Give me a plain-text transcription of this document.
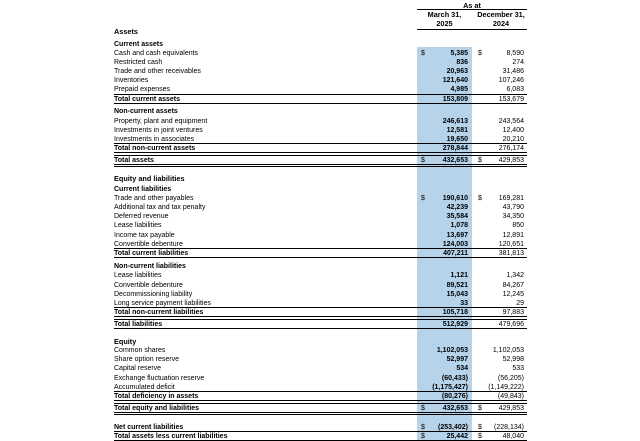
As at
March 31,
2025
December 31,
2024
Assets
Current assets
Cash and cash equivalents	$	5,385 $	8,590
Restricted cash	836	274
Trade and other receivables	20,963	31,486
Inventories	121,640	107,246
Prepaid expenses	4,985	6,083
Total current assets	153,809	153,679
Non-current assets
Property, plant and equipment	246,613	243,564
Investments in joint ventures	12,581	12,400
Investments in associates	19,650	20,210
Total non-current assets	278,844	276,174
Total assets	$	432,653 $ 429,853
Equity and liabilities
Current liabilities
Trade and other payables	$	190,610 $ 169,281
Additional tax and tax penalty	42,239	43,790
Deferred revenue	35,584	34,350
Lease liabilities	1,078	850
Income tax payable	13,697	12,891
Convertible debenture	124,003	120,651
Total current liabilities	407,211	381,813
Non-current liabilities
Lease liabilities	1,121	1,342
Convertible debenture	89,521	84,267
Decommissioning liability	15,043	12,245
Long service payment liabilities	33	29
Total non-current liabilities	105,718	97,883
Total liabilities	512,929	479,696
Equity
Common shares	1,102,053	1,102,053
Share option reserve	52,997	52,998
Capital reserve	534	533
Exchange fluctuation reserve	(60,433)	(56,205)
Accumulated deficit	(1,175,427)	(1,149,222)
Total deficiency in assets	(80,276)	(49,843)
Total equity and liabilities	$	432,653 $ 429,853
Net current liabilities	$ (253,402) $ (228,134)
Total assets less current liabilities	$	25,442 $	48,040
